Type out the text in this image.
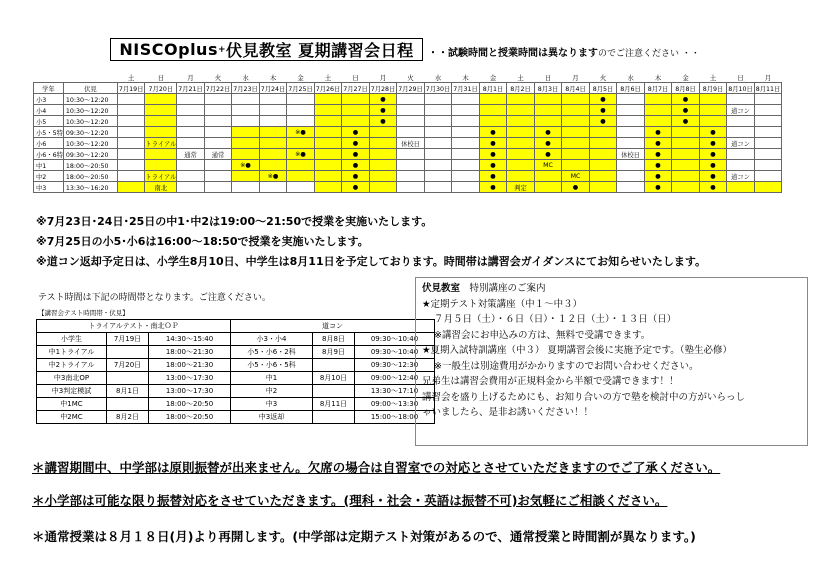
NISCOplus + 伏見教室 夏期講習会日程 ・・試験時間と授業時間は異なりますのでご注意ください ・・
		土	日	月	火	水	木	金	土	日	月	火	水	木	金	土	日	月	火	水	木	金	土	日	月
学年	伏見	7月19日	7月20日	7月21日	7月22日	7月23日	7月24日	7月25日	7月26日	7月27日	7月28日	7月29日	7月30日	7月31日	8月1日	8月2日	8月3日	8月4日	8月5日	8月6日	8月7日	8月8日	8月9日	8月10日	8月11日
小3	10:30～12:20										●								●			●			
小4	10:30～12:20										●								●			●		道コン	
小5	10:30～12:20										●								●			●			
小5・5特	09:30～12:20							※●		●					●		●				●		●		
小6	10:30～12:20		トライアル							●		休校日			●		●				●		●	道コン	
小6・6特	09:30～12:20			通常	通常			※●		●					●		●			休校日	●		●		
中1	18:00～20:50					※●				●					●		MC				●		●		
中2	18:00～20:50		トライアル				※●			●					●			MC			●		●	道コン	
中3	13:30～16:20		南北							●					●	判定		●			●		●		
※7月23日･24日･25日の中1･中2は19:00～21:50で授業を実施いたします。
※7月25日の小5･小6は16:00～18:50で授業を実施いたします。
※道コン返却予定日は、小学生8月10日、中学生は8月11日を予定しております。時間帯は講習会ガイダンスにてお知らせいたします。
テスト時間は下記の時間帯となります。ご注意ください。
【講習会テスト時間帯・伏見】
トライアルテスト・南北ＯＰ			道コン		
小学生	7月19日	14:30～15:40	小3・小4	8月8日	09:30～10:40
中1トライアル		18:00～21:30	小5・小6・2科	8月9日	09:30～10:40
中2トライアル	7月20日	18:00～21:30	小5・小6・5科		09:30～12:30
中3南北OP		13:00～17:30	中1	8月10日	09:00～12:40
中3判定模試	8月1日	13:00～17:30	中2		13:30～17:10
中1MC		18:00～20:50	中3	8月11日	09:00～13:30
中2MC	8月2日	18:00～20:50	中3返却		15:00～18:00

伏見教室　 特別講座のご案内

★定期テスト対策講座（中１～中３）

７月５日（土）・６日（日）・１２日（土）・１３日（日）

※講習会にお申込みの方は、無料で受講できます。

★夏期入試特訓講座（中３） 夏期講習会後に実施予定です。（塾生必修）

※一般生は別途費用がかかりますのでお問い合わせください。

兄弟生は講習会費用が正規料金から半額で受講できます！！

講習会を盛り上げるためにも、お知り合いの方で塾を検討中の方がいらっし

ゃいましたら、是非お誘いください！！

＊講習期間中、中学部は原則振替が出来ません。欠席の場合は自習室での対応とさせていただきますのでご了承ください。
＊小学部は可能な限り振替対応をさせていただきます。(理科・社会・英語は振替不可)お気軽にご相談ください。
＊通常授業は８月１８日(月)より再開します。(中学部は定期テスト対策があるので、通常授業と時間割が異なります。)
